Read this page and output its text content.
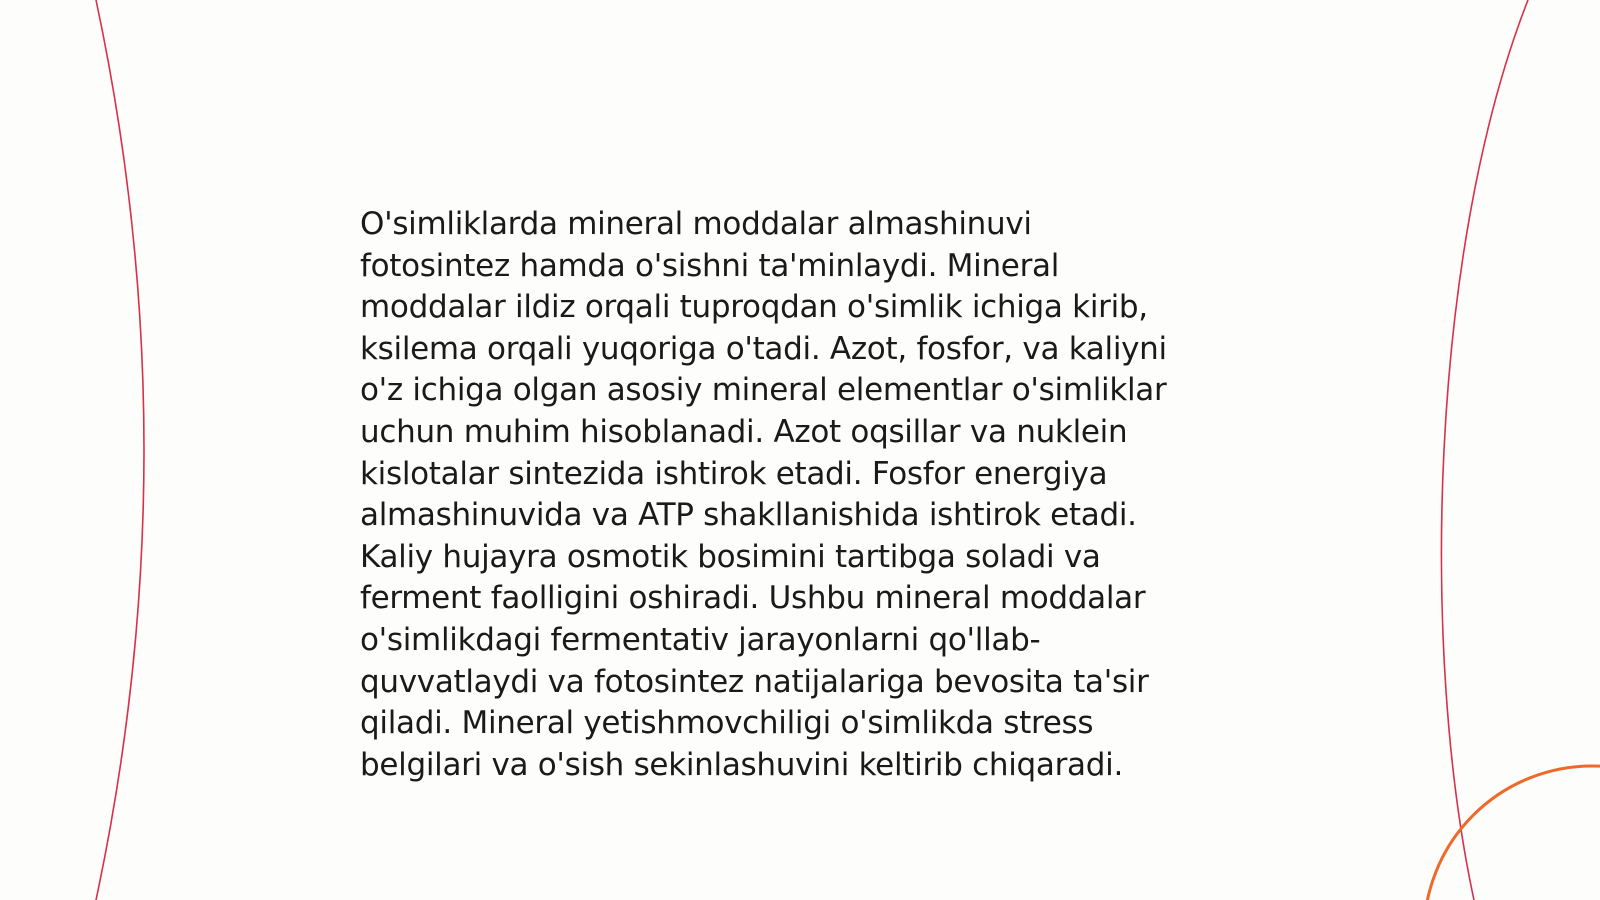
O'simliklarda mineral moddalar almashinuvi
fotosintez hamda o'sishni ta'minlaydi. Mineral
moddalar ildiz orqali tuproqdan o'simlik ichiga kirib,
ksilema orqali yuqoriga o'tadi. Azot, fosfor, va kaliyni
o'z ichiga olgan asosiy mineral elementlar o'simliklar
uchun muhim hisoblanadi. Azot oqsillar va nuklein
kislotalar sintezida ishtirok etadi. Fosfor energiya
almashinuvida va ATP shakllanishida ishtirok etadi.
Kaliy hujayra osmotik bosimini tartibga soladi va
ferment faolligini oshiradi. Ushbu mineral moddalar
o'simlikdagi fermentativ jarayonlarni qo'llab-
quvvatlaydi va fotosintez natijalariga bevosita ta'sir
qiladi. Mineral yetishmovchiligi o'simlikda stress
belgilari va o'sish sekinlashuvini keltirib chiqaradi.
